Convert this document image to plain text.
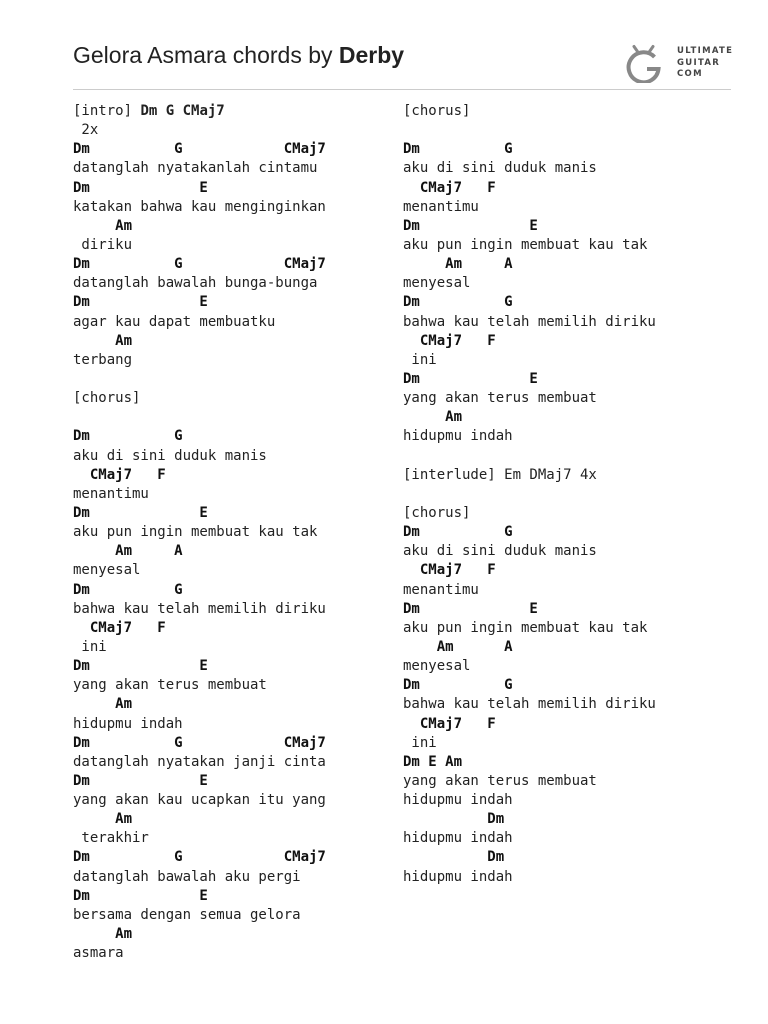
Gelora Asmara chords by Derby	ULTIMATE
GUITAR
COM
[intro] Dm G CMaj7
2x
Dm          G            CMaj7
datanglah nyatakanlah cintamu
Dm             E
katakan bahwa kau menginginkan
Am
diriku
Dm          G            CMaj7
datanglah bawalah bunga-bunga
Dm             E
agar kau dapat membuatku
Am
terbang
[chorus]
Dm          G
aku di sini duduk manis
CMaj7   F
menantimu
Dm             E
aku pun ingin membuat kau tak
Am     A
menyesal
Dm          G
bahwa kau telah memilih diriku
CMaj7   F
ini
Dm             E
yang akan terus membuat
Am
hidupmu indah
Dm          G            CMaj7
datanglah nyatakan janji cinta
Dm             E
yang akan kau ucapkan itu yang
Am
terakhir
Dm          G            CMaj7
datanglah bawalah aku pergi
Dm             E
bersama dengan semua gelora
Am
asmara
[chorus]
Dm          G
aku di sini duduk manis
CMaj7   F
menantimu
Dm             E
aku pun ingin membuat kau tak
Am     A
menyesal
Dm          G
bahwa kau telah memilih diriku
CMaj7   F
ini
Dm             E
yang akan terus membuat
Am
hidupmu indah
[interlude] Em DMaj7 4x
[chorus]
Dm          G
aku di sini duduk manis
CMaj7   F
menantimu
Dm             E
aku pun ingin membuat kau tak
Am      A
menyesal
Dm          G
bahwa kau telah memilih diriku
CMaj7   F
ini
Dm E Am
yang akan terus membuat
hidupmu indah
Dm
hidupmu indah
Dm
hidupmu indah
